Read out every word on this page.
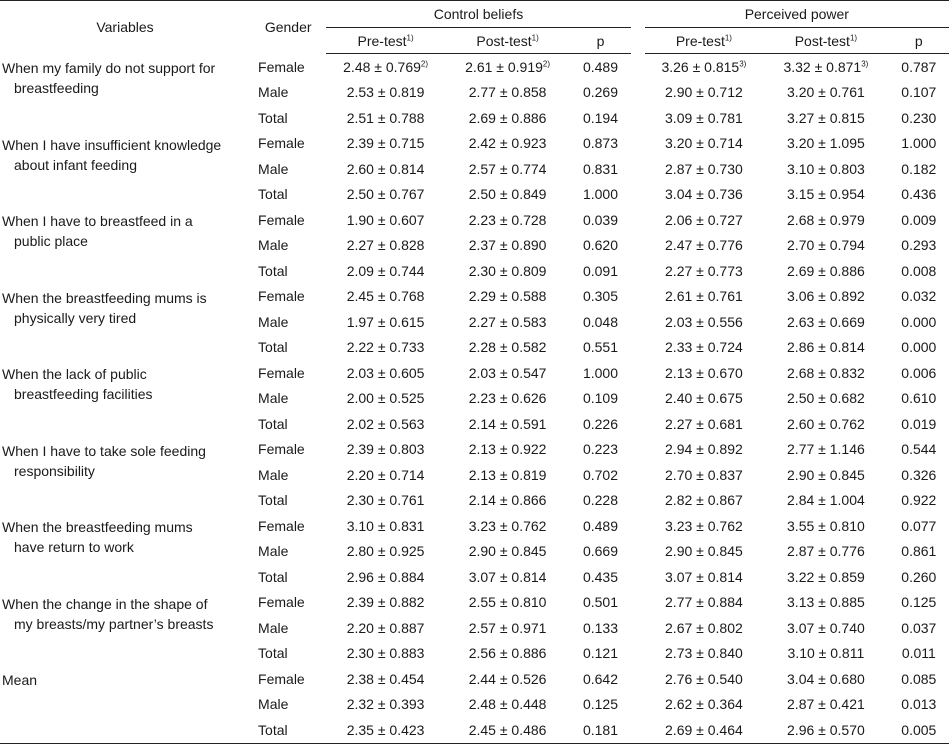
Variables	Gender	Control beliefs				Perceived power		
		Pre-test$^{1)}$	Post-test$^{1)}$	p		Pre-test$^{1)}$	Post-test$^{1)}$	p

When my family do not support for
breastfeeding	Female	$2.48 \pm 0.769^{2)}$	$2.61 \pm 0.919^{2)}$	0.489		$3.26 \pm 0.815^{3)}$	$3.32 \pm 0.871^{3)}$	0.787
	Male	2.53 ± 0.819	2.77 ± 0.858	0.269		2.90 ± 0.712	3.20 ± 0.761	0.107
	Total	2.51 ± 0.788	2.69 ± 0.886	0.194		3.09 ± 0.781	3.27 ± 0.815	0.230

When I have insufficient knowledge
about infant feeding	Female	2.39 ± 0.715	2.42 ± 0.923	0.873		3.20 ± 0.714	3.20 ± 1.095	1.000
	Male	2.60 ± 0.814	2.57 ± 0.774	0.831		2.87 ± 0.730	3.10 ± 0.803	0.182
	Total	2.50 ± 0.767	2.50 ± 0.849	1.000		3.04 ± 0.736	3.15 ± 0.954	0.436

When I have to breastfeed in a
public place	Female	1.90 ± 0.607	2.23 ± 0.728	0.039		2.06 ± 0.727	2.68 ± 0.979	0.009
	Male	2.27 ± 0.828	2.37 ± 0.890	0.620		2.47 ± 0.776	2.70 ± 0.794	0.293
	Total	2.09 ± 0.744	2.30 ± 0.809	0.091		2.27 ± 0.773	2.69 ± 0.886	0.008

When the breastfeeding mums is
physically very tired	Female	2.45 ± 0.768	2.29 ± 0.588	0.305		2.61 ± 0.761	3.06 ± 0.892	0.032
	Male	1.97 ± 0.615	2.27 ± 0.583	0.048		2.03 ± 0.556	2.63 ± 0.669	0.000
	Total	2.22 ± 0.733	2.28 ± 0.582	0.551		2.33 ± 0.724	2.86 ± 0.814	0.000

When the lack of public
breastfeeding facilities	Female	2.03 ± 0.605	2.03 ± 0.547	1.000		2.13 ± 0.670	2.68 ± 0.832	0.006
	Male	2.00 ± 0.525	2.23 ± 0.626	0.109		2.40 ± 0.675	2.50 ± 0.682	0.610
	Total	2.02 ± 0.563	2.14 ± 0.591	0.226		2.27 ± 0.681	2.60 ± 0.762	0.019

When I have to take sole feeding
responsibility	Female	2.39 ± 0.803	2.13 ± 0.922	0.223		2.94 ± 0.892	2.77 ± 1.146	0.544
	Male	2.20 ± 0.714	2.13 ± 0.819	0.702		2.70 ± 0.837	2.90 ± 0.845	0.326
	Total	2.30 ± 0.761	2.14 ± 0.866	0.228		2.82 ± 0.867	2.84 ± 1.004	0.922

When the breastfeeding mums
have return to work	Female	3.10 ± 0.831	3.23 ± 0.762	0.489		3.23 ± 0.762	3.55 ± 0.810	0.077
	Male	2.80 ± 0.925	2.90 ± 0.845	0.669		2.90 ± 0.845	2.87 ± 0.776	0.861
	Total	2.96 ± 0.884	3.07 ± 0.814	0.435		3.07 ± 0.814	3.22 ± 0.859	0.260

When the change in the shape of
my breasts/my partner’s breasts	Female	2.39 ± 0.882	2.55 ± 0.810	0.501		2.77 ± 0.884	3.13 ± 0.885	0.125
	Male	2.20 ± 0.887	2.57 ± 0.971	0.133		2.67 ± 0.802	3.07 ± 0.740	0.037
	Total	2.30 ± 0.883	2.56 ± 0.886	0.121		2.73 ± 0.840	3.10 ± 0.811	0.011

Mean	Female	2.38 ± 0.454	2.44 ± 0.526	0.642		2.76 ± 0.540	3.04 ± 0.680	0.085
	Male	2.32 ± 0.393	2.48 ± 0.448	0.125		2.62 ± 0.364	2.87 ± 0.421	0.013
	Total	2.35 ± 0.423	2.45 ± 0.486	0.181		2.69 ± 0.464	2.96 ± 0.570	0.005
